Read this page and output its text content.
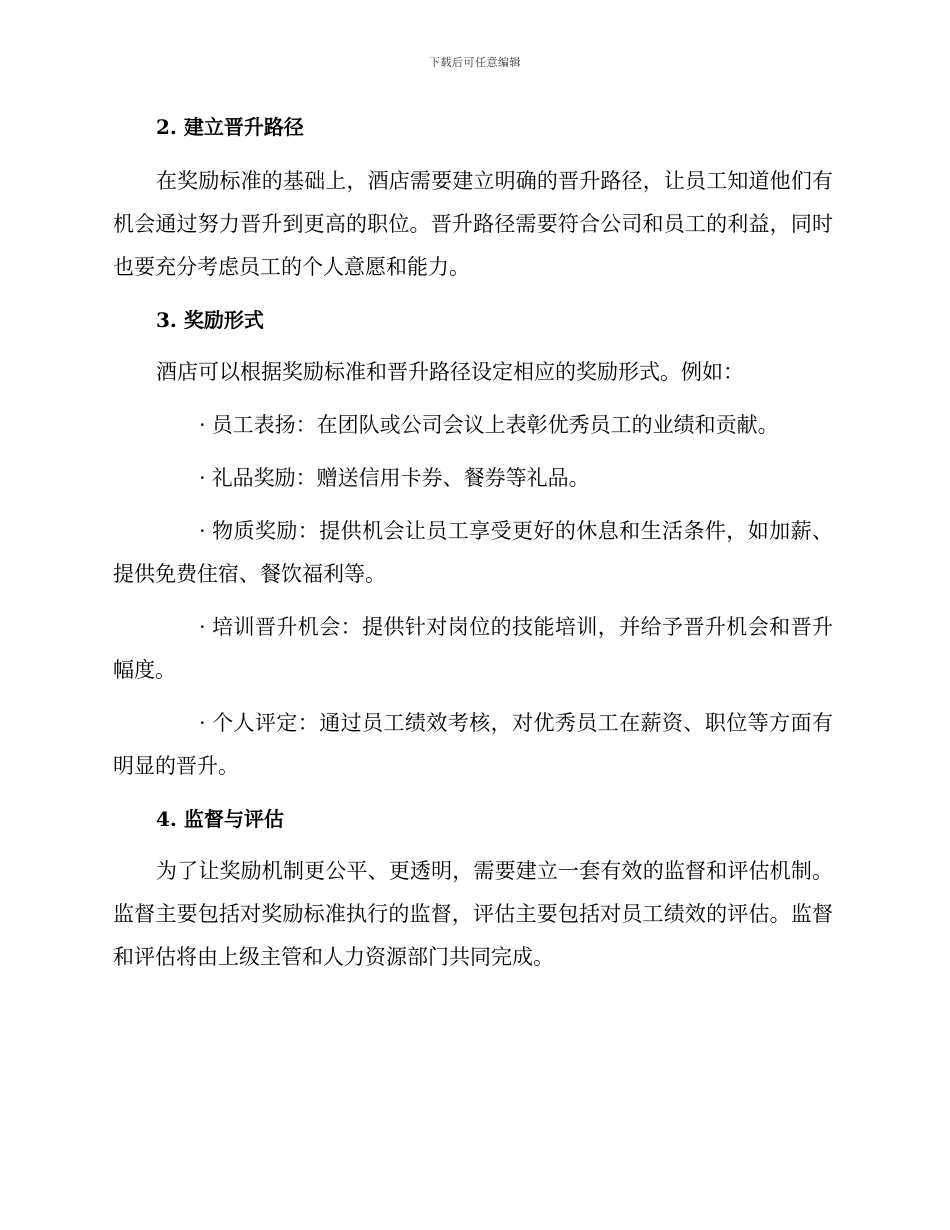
下载后可任意编辑
2. 建立晋升路径

在奖励标准的基础上，酒店需要建立明确的晋升路径，让员工知道他们有机会通过努力晋升到更高的职位。晋升路径需要符合公司和员工的利益，同时也要充分考虑员工的个人意愿和能力。

3. 奖励形式

酒店可以根据奖励标准和晋升路径设定相应的奖励形式。例如：

· 员工表扬：在团队或公司会议上表彰优秀员工的业绩和贡献。

· 礼品奖励：赠送信用卡券、餐券等礼品。

· 物质奖励：提供机会让员工享受更好的休息和生活条件，如加薪、提供免费住宿、餐饮福利等。

· 培训晋升机会：提供针对岗位的技能培训，并给予晋升机会和晋升幅度。

· 个人评定：通过员工绩效考核，对优秀员工在薪资、职位等方面有明显的晋升。

4. 监督与评估

为了让奖励机制更公平、更透明，需要建立一套有效的监督和评估机制。监督主要包括对奖励标准执行的监督，评估主要包括对员工绩效的评估。监督和评估将由上级主管和人力资源部门共同完成。
